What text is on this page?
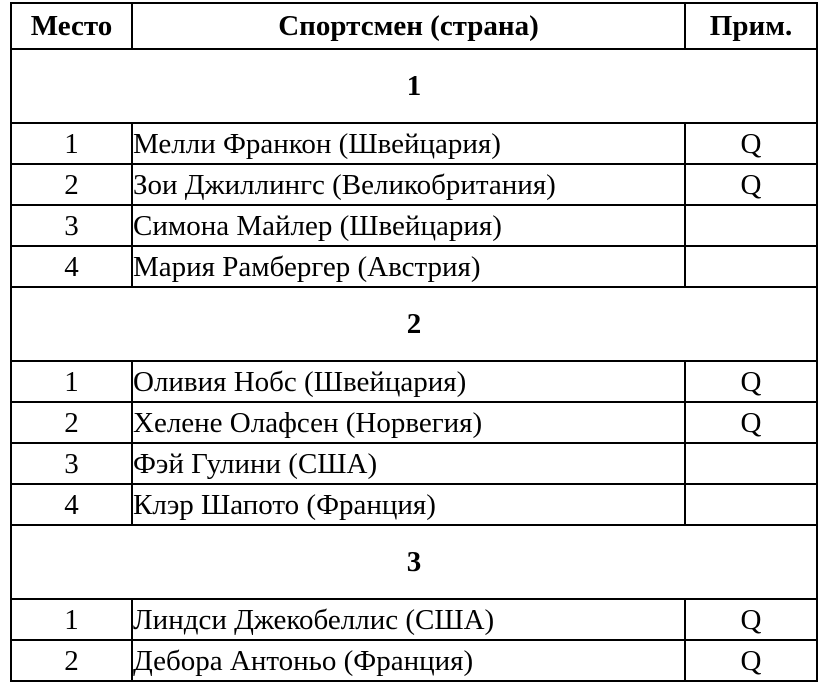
Место	Спортсмен (страна)	Прим.
1		
1	Мелли Франкон (Швейцария)	Q
2	Зои Джиллингс (Великобритания)	Q
3	Симона Майлер (Швейцария)	
4	Мария Рамбергер (Австрия)	
2		
1	Оливия Нобс (Швейцария)	Q
2	Хелене Олафсен (Норвегия)	Q
3	Фэй Гулини (США)	
4	Клэр Шапото (Франция)	
3		
1	Линдси Джекобеллис (США)	Q
2	Дебора Антоньо (Франция)	Q
